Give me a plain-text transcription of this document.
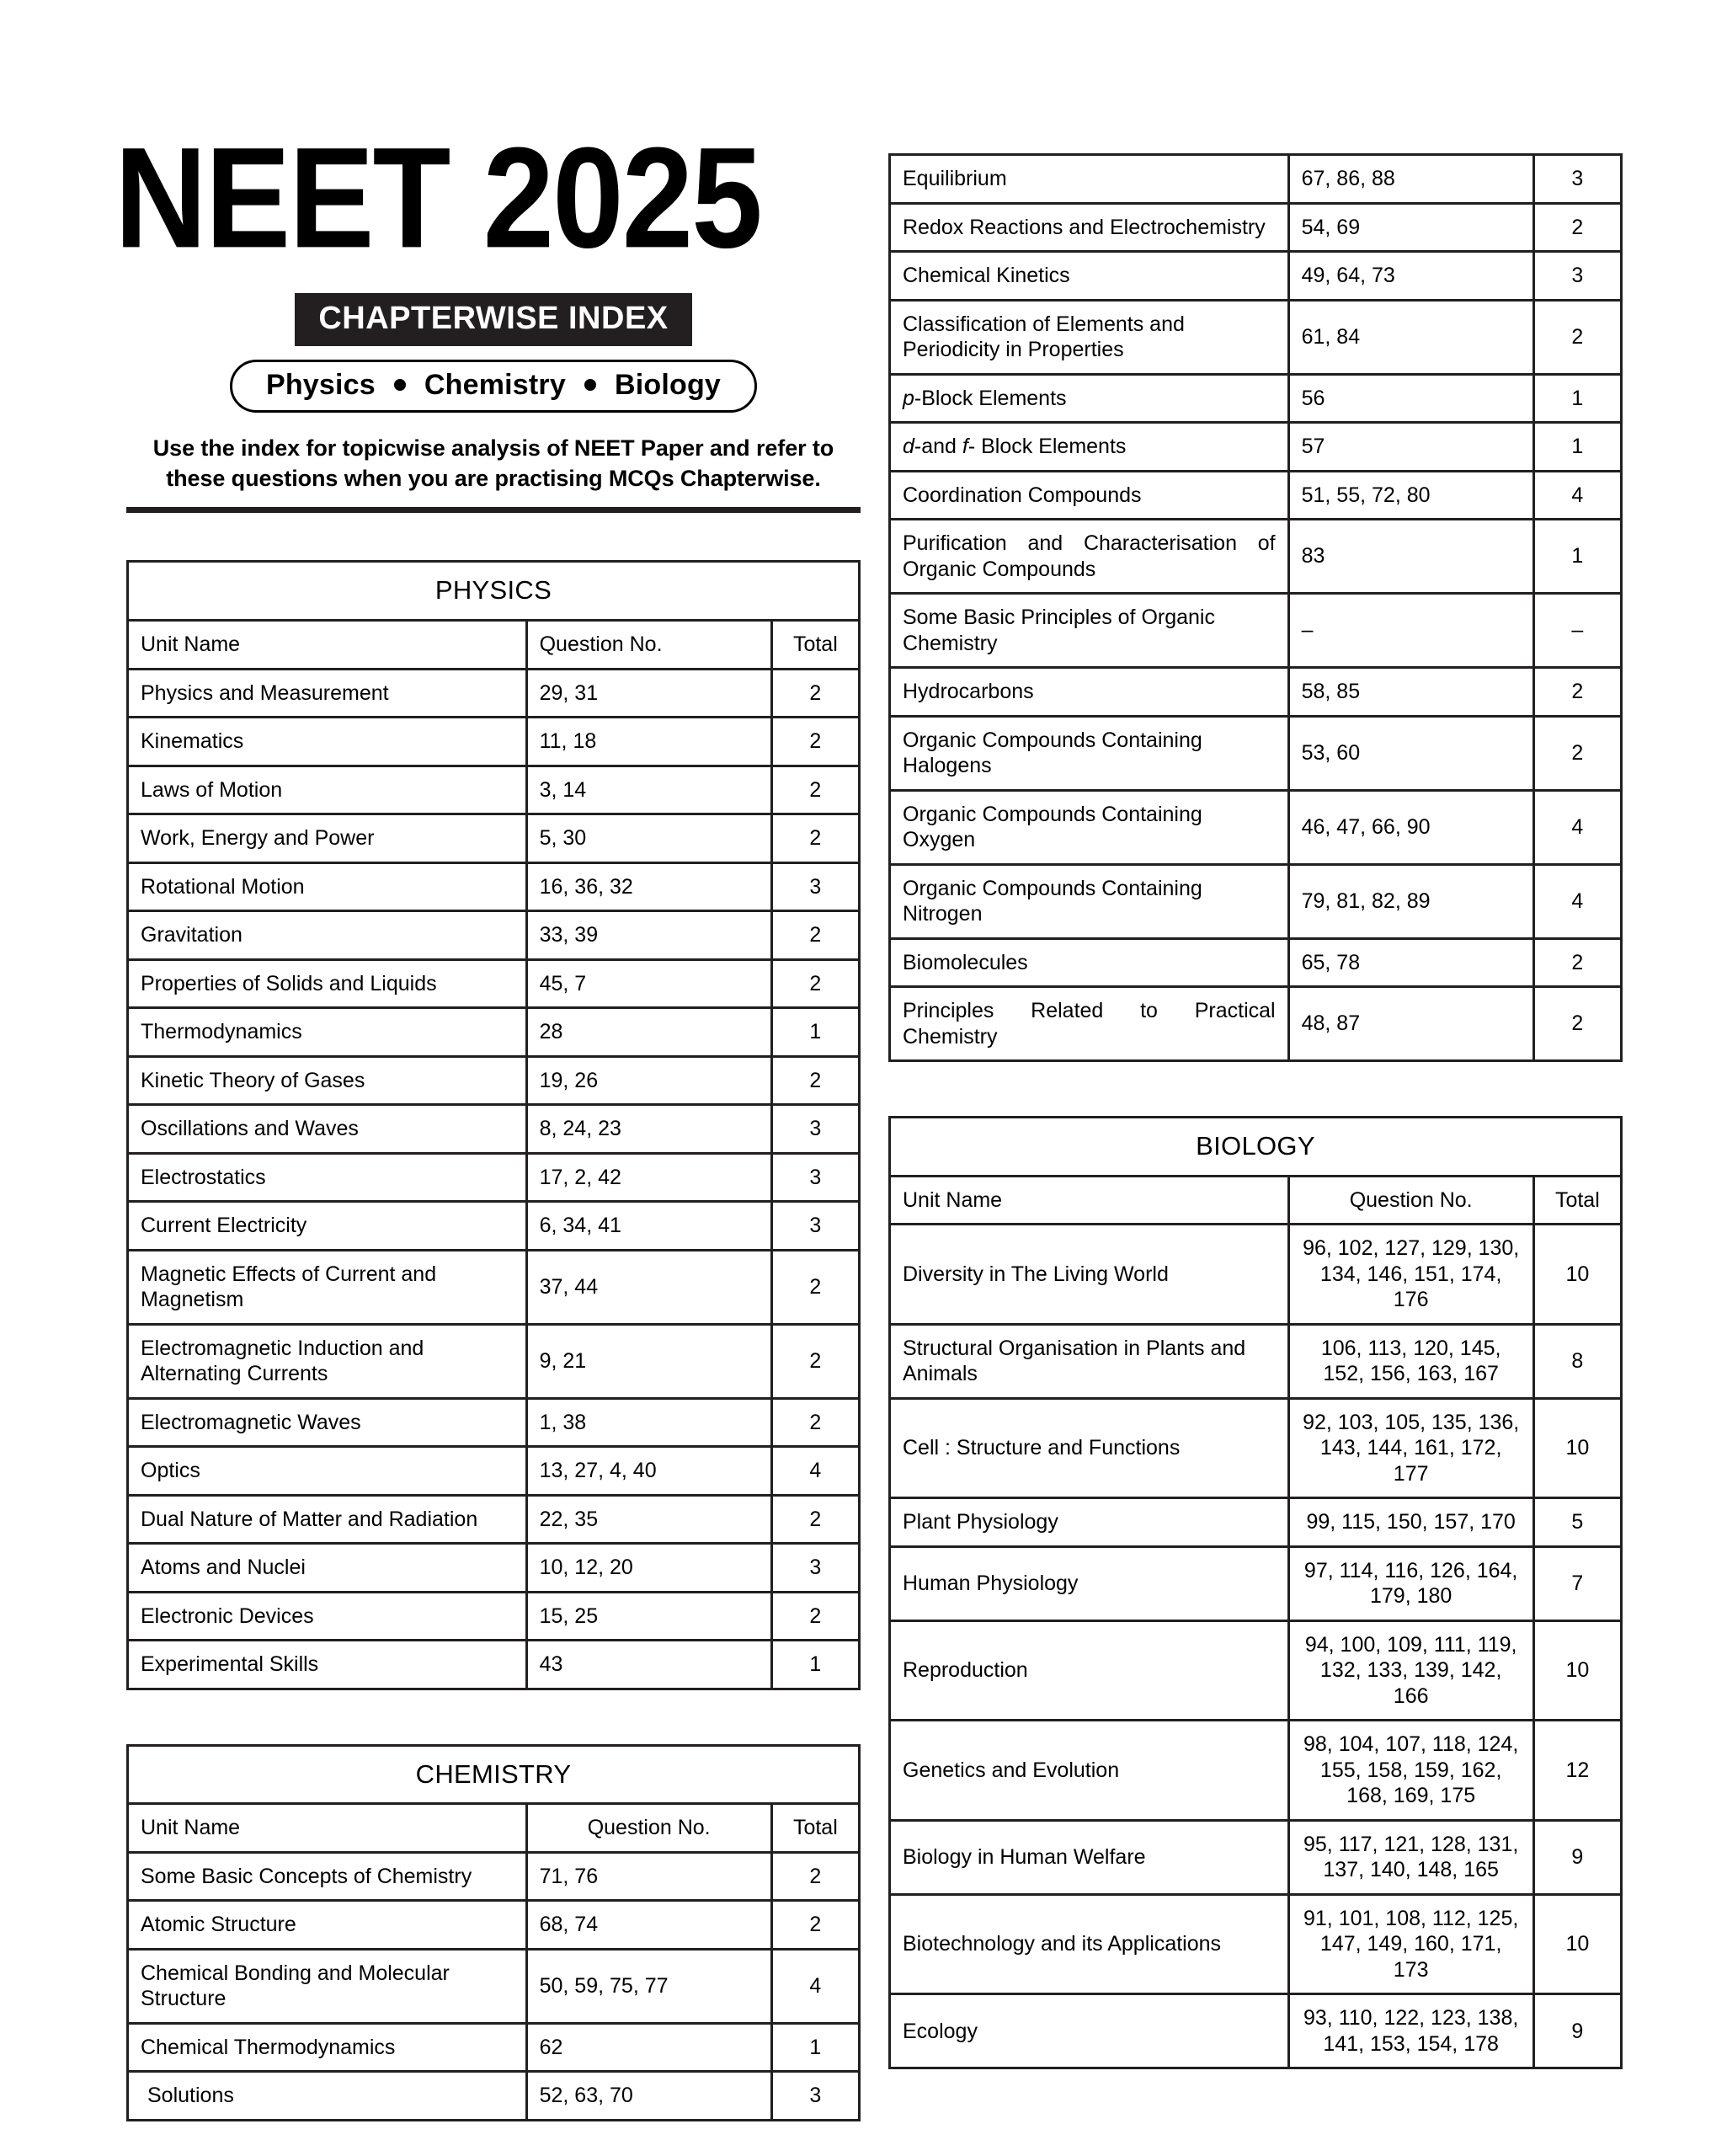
NEET 2025
CHAPTERWISE INDEX
Physics Chemistry Biology
Use the index for topicwise analysis of NEET Paper and refer to these questions when you are practising MCQs Chapterwise.
PHYSICS		
Unit Name	Question No.	Total
Physics and Measurement	29, 31	2
Kinematics	11, 18	2
Laws of Motion	3, 14	2
Work, Energy and Power	5, 30	2
Rotational Motion	16, 36, 32	3
Gravitation	33, 39	2
Properties of Solids and Liquids	45, 7	2
Thermodynamics	28	1
Kinetic Theory of Gases	19, 26	2
Oscillations and Waves	8, 24, 23	3
Electrostatics	17, 2, 42	3
Current Electricity	6, 34, 41	3
Magnetic Effects of Current and Magnetism	37, 44	2
Electromagnetic Induction and Alternating Currents	9, 21	2
Electromagnetic Waves	1, 38	2
Optics	13, 27, 4, 40	4
Dual Nature of Matter and Radiation	22, 35	2
Atoms and Nuclei	10, 12, 20	3
Electronic Devices	15, 25	2
Experimental Skills	43	1
CHEMISTRY		
Unit Name	Question No.	Total
Some Basic Concepts of Chemistry	71, 76	2
Atomic Structure	68, 74	2
Chemical Bonding and Molecular Structure	50, 59, 75, 77	4
Chemical Thermodynamics	62	1
Solutions	52, 63, 70	3
Equilibrium	67, 86, 88	3
Redox Reactions and Electrochemistry	54, 69	2
Chemical Kinetics	49, 64, 73	3
Classification of Elements and Periodicity in Properties	61, 84	2
p-Block Elements	56	1
d-and f- Block Elements	57	1
Coordination Compounds	51, 55, 72, 80	4
Purification and Characterisation of Organic Compounds	83	1
Some Basic Principles of Organic Chemistry	–	–
Hydrocarbons	58, 85	2
Organic Compounds Containing Halogens	53, 60	2
Organic Compounds Containing Oxygen	46, 47, 66, 90	4
Organic Compounds Containing Nitrogen	79, 81, 82, 89	4
Biomolecules	65, 78	2
Principles Related to Practical Chemistry	48, 87	2
BIOLOGY		
Unit Name	Question No.	Total
Diversity in The Living World	96, 102, 127, 129, 130, 134, 146, 151, 174, 176	10
Structural Organisation in Plants and Animals	106, 113, 120, 145, 152, 156, 163, 167	8
Cell : Structure and Functions	92, 103, 105, 135, 136, 143, 144, 161, 172, 177	10
Plant Physiology	99, 115, 150, 157, 170	5
Human Physiology	97, 114, 116, 126, 164, 179, 180	7
Reproduction	94, 100, 109, 111, 119, 132, 133, 139, 142, 166	10
Genetics and Evolution	98, 104, 107, 118, 124, 155, 158, 159, 162, 168, 169, 175	12
Biology in Human Welfare	95, 117, 121, 128, 131, 137, 140, 148, 165	9
Biotechnology and its Applications	91, 101, 108, 112, 125, 147, 149, 160, 171, 173	10
Ecology	93, 110, 122, 123, 138, 141, 153, 154, 178	9
